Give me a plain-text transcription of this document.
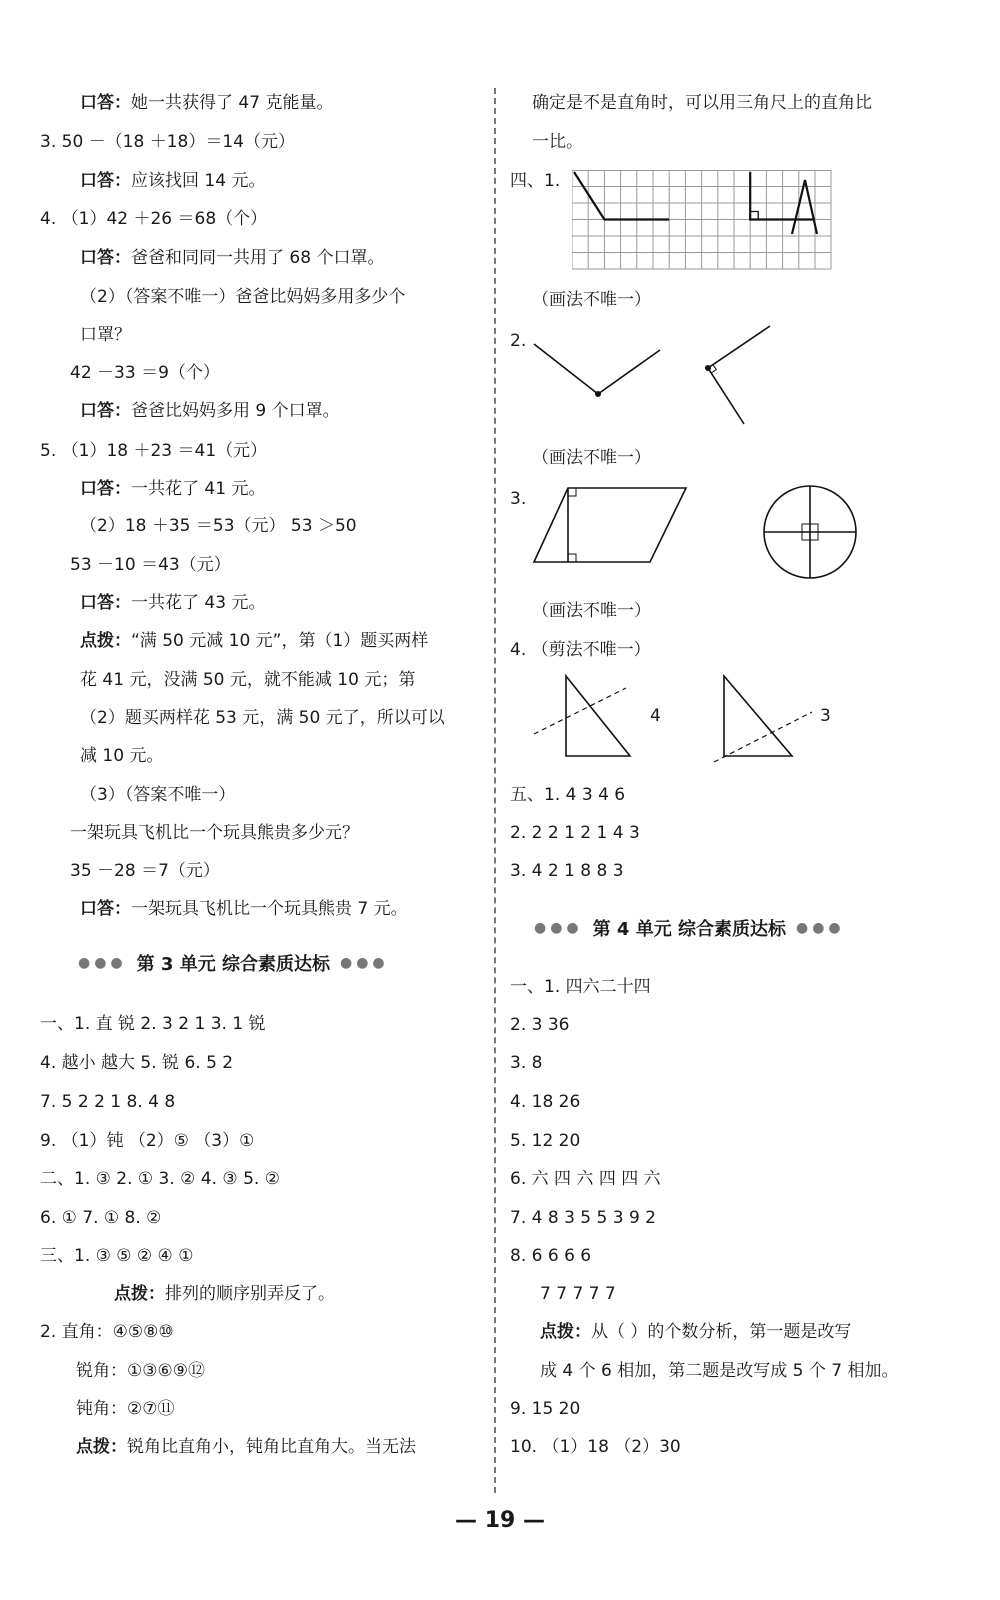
口答：她一共获得了 47 克能量。
3. 50 －（18 ＋18）＝14（元）
口答：应该找回 14 元。
4. （1）42 ＋26 ＝68（个）
口答：爸爸和同同一共用了 68 个口罩。
（2）（答案不唯一）爸爸比妈妈多用多少个
口罩？
42 －33 ＝9（个）
口答：爸爸比妈妈多用 9 个口罩。
5. （1）18 ＋23 ＝41（元）
口答：一共花了 41 元。
（2）18 ＋35 ＝53（元） 53 ＞50
53 －10 ＝43（元）
口答：一共花了 43 元。
点拨：“满 50 元减 10 元”，第（1）题买两样
花 41 元，没满 50 元，就不能减 10 元；第
（2）题买两样花 53 元，满 50 元了，所以可以
减 10 元。
（3）（答案不唯一）
一架玩具飞机比一个玩具熊贵多少元？
35 －28 ＝7（元）
口答：一架玩具飞机比一个玩具熊贵 7 元。
●●● 第 3 单元 综合素质达标 ●●●
一、1. 直 锐 2. 3 2 1 3. 1 锐
4. 越小 越大 5. 锐 6. 5 2
7. 5 2 2 1 8. 4 8
9. （1）钝 （2）⑤ （3）①
二、1. ③ 2. ① 3. ② 4. ③ 5. ②
6. ① 7. ① 8. ②
三、1. ③ ⑤ ② ④ ①
点拨：排列的顺序别弄反了。
2. 直角：④⑤⑧⑩
锐角：①③⑥⑨⑫
钝角：②⑦⑪
点拨：锐角比直角小，钝角比直角大。当无法
确定是不是直角时，可以用三角尺上的直角比
一比。
四、1.
（画法不唯一）
2.
（画法不唯一）
3.
（画法不唯一）
4. （剪法不唯一）
4	3
五、1. 4 3 4 6
2. 2 2 1 2 1 4 3
3. 4 2 1 8 8 3
●●● 第 4 单元 综合素质达标 ●●●
一、1. 四六二十四
2. 3 36
3. 8
4. 18 26
5. 12 20
6. 六 四 六 四 四 六
7. 4 8 3 5 5 3 9 2
8. 6 6 6 6
7 7 7 7 7
点拨：从（ ）的个数分析，第一题是改写
成 4 个 6 相加，第二题是改写成 5 个 7 相加。
9. 15 20
10. （1）18 （2）30
— 19 —
